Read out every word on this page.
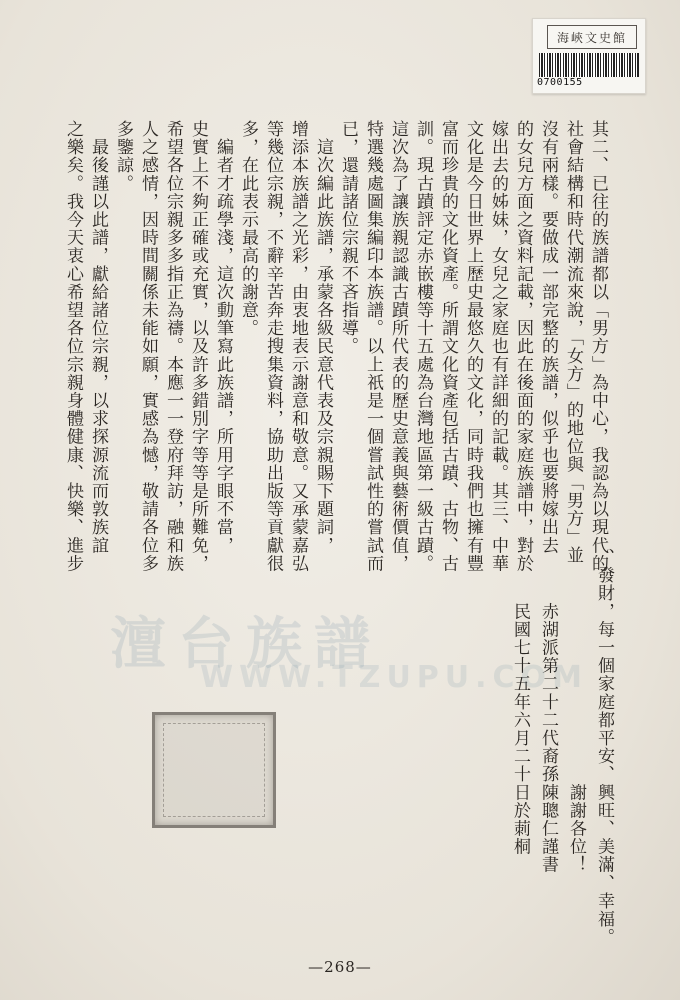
海峽文史館
0700155
其二、已往的族譜都以「男方」為中心，我認為以現代的
社會結構和時代潮流來說，「女方」的地位與「男方」並
沒有兩樣。要做成一部完整的族譜，似乎也要將嫁出去
的女兒方面之資料記載，因此在後面的家庭族譜中，對於
嫁出去的姊妹，女兒之家庭也有詳細的記載。其三、中華
文化是今日世界上歷史最悠久的文化，同時我們也擁有豐
富而珍貴的文化資產。所謂文化資產包括古蹟、古物、古
訓。現古蹟評定赤嵌樓等十五處為台灣地區第一級古蹟。
這次為了讓族親認識古蹟所代表的歷史意義與藝術價值，
特選幾處圖集編印本族譜。以上祇是一個嘗試性的嘗試而
已，還請諸位宗親不吝指導。
　這次編此族譜，承蒙各級民意代表及宗親賜下題詞，
增添本族譜之光彩，由衷地表示謝意和敬意。又承蒙嘉弘
等幾位宗親，不辭辛苦奔走搜集資料，協助出版等貢獻很
多，在此表示最高的謝意。
　編者才疏學淺，這次動筆寫此族譜，所用字眼不當，
史實上不夠正確或充實，以及許多錯別字等等是所難免，
希望各位宗親多多指正為禱。本應一一登府拜訪，融和族
人之感情，因時間關係未能如願，實感為憾，敬請各位多
多鑒諒。
　最後謹以此譜，獻給諸位宗親，以求探源流而敦族誼
之樂矣。我今天衷心希望各位宗親身體健康、快樂、進步
、發財，每一個家庭都平安、興旺、美滿、幸福。
　　　　　　　　　　　　　謝謝各位！
　　　赤湖派第二十二代裔孫陳聰仁謹書
　　　民國七十五年六月二十日於莿桐
澶台族譜
WWW.TZUPU.COM
—268—
